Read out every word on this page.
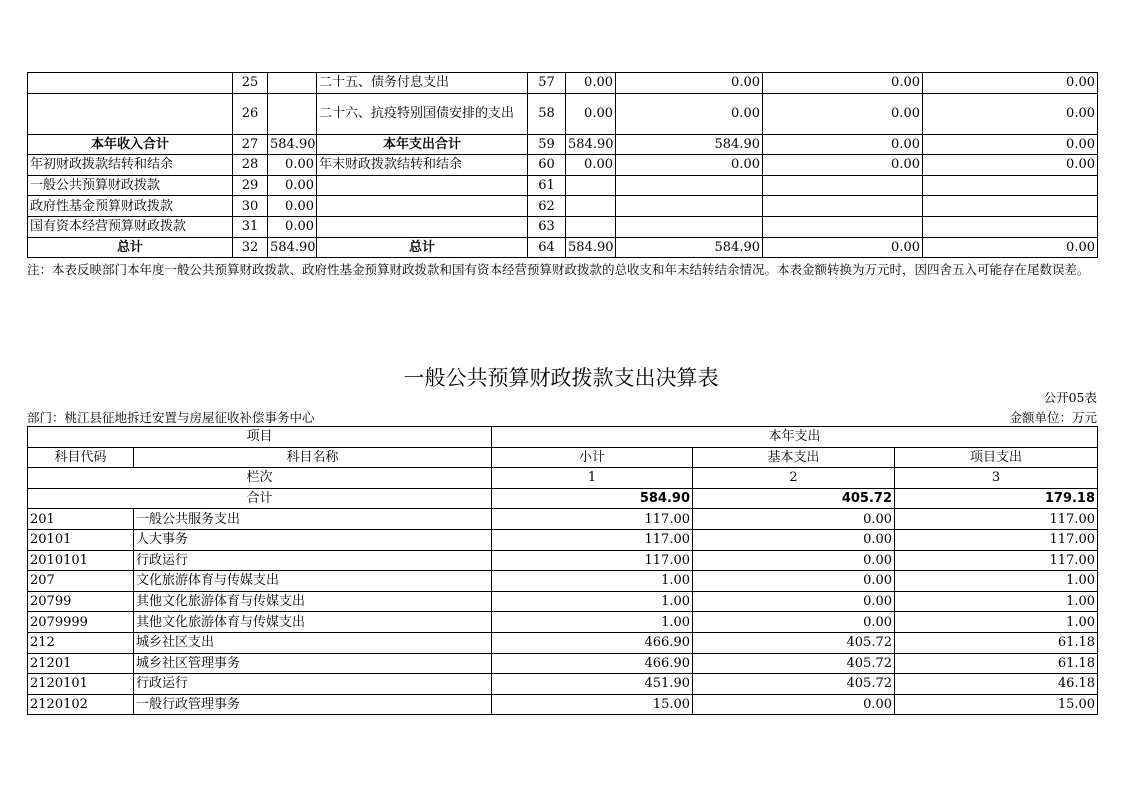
	25		二十五、债务付息支出	57	0.00	0.00	0.00	0.00
	26		二十六、抗疫特别国债安排的支出	58	0.00	0.00	0.00	0.00
本年收入合计	27	584.90	本年支出合计	59	584.90	584.90	0.00	0.00
年初财政拨款结转和结余	28	0.00	年末财政拨款结转和结余	60	0.00	0.00	0.00	0.00
一般公共预算财政拨款	29	0.00		61				
政府性基金预算财政拨款	30	0.00		62				
国有资本经营预算财政拨款	31	0.00		63				
总计	32	584.90	总计	64	584.90	584.90	0.00	0.00
注：本表反映部门本年度一般公共预算财政拨款、政府性基金预算财政拨款和国有资本经营预算财政拨款的总收支和年末结转结余情况。本表金额转换为万元时，因四舍五入可能存在尾数误差。
一般公共预算财政拨款支出决算表
公开05表
部门：桃江县征地拆迁安置与房屋征收补偿事务中心	金额单位：万元
项目		本年支出		
科目代码	科目名称	小计	基本支出	项目支出
栏次		1	2	3
合计		584.90	405.72	179.18
201	一般公共服务支出	117.00	0.00	117.00
20101	人大事务	117.00	0.00	117.00
2010101	行政运行	117.00	0.00	117.00
207	文化旅游体育与传媒支出	1.00	0.00	1.00
20799	其他文化旅游体育与传媒支出	1.00	0.00	1.00
2079999	其他文化旅游体育与传媒支出	1.00	0.00	1.00
212	城乡社区支出	466.90	405.72	61.18
21201	城乡社区管理事务	466.90	405.72	61.18
2120101	行政运行	451.90	405.72	46.18
2120102	一般行政管理事务	15.00	0.00	15.00
